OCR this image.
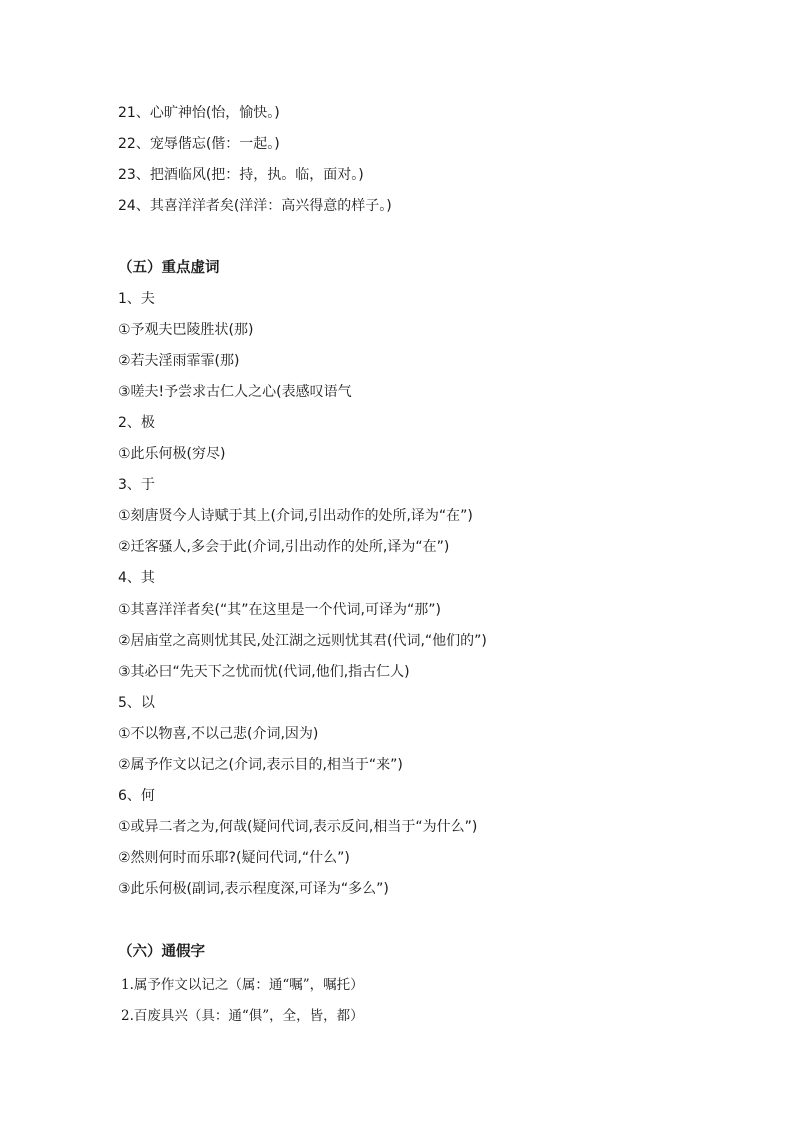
21、心旷神怡(怡，愉快。)
22、宠辱偕忘(偕：一起。)
23、把酒临风(把：持，执。临，面对。)
24、其喜洋洋者矣(洋洋：高兴得意的样子。)
（五）重点虚词
1、夫
①予观夫巴陵胜状(那)
②若夫淫雨霏霏(那)
③嗟夫!予尝求古仁人之心(表感叹语气
2、极
①此乐何极(穷尽)
3、于
①刻唐贤今人诗赋于其上(介词,引出动作的处所,译为“在”)
②迁客骚人,多会于此(介词,引出动作的处所,译为“在”)
4、其
①其喜洋洋者矣(“其”在这里是一个代词,可译为“那”)
②居庙堂之高则忧其民,处江湖之远则忧其君(代词,“他们的”)
③其必曰“先天下之忧而忧(代词,他们,指古仁人)
5、以
①不以物喜,不以己悲(介词,因为)
②属予作文以记之(介词,表示目的,相当于“来”)
6、何
①或异二者之为,何哉(疑问代词,表示反问,相当于“为什么”)
②然则何时而乐耶?(疑问代词,“什么”)
③此乐何极(副词,表示程度深,可译为“多么”)
（六）通假字
1.属予作文以记之（属：通“嘱”，嘱托）
2.百废具兴（具：通“俱”，全，皆，都）
